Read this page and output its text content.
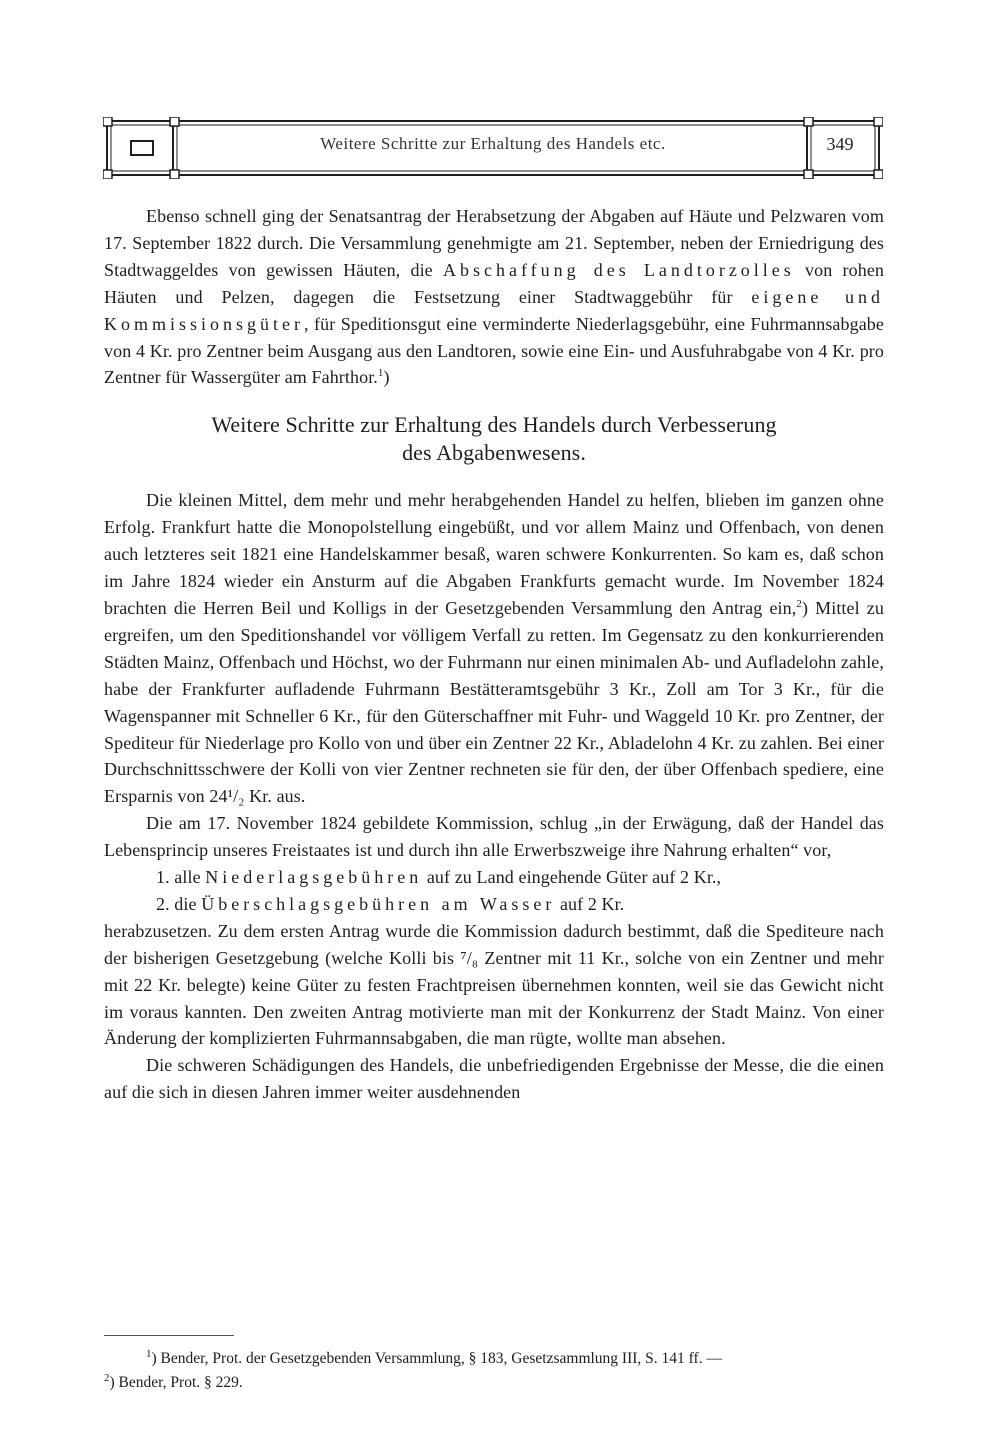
Weitere Schritte zur Erhaltung des Handels etc.	349

Ebenso schnell ging der Senatsantrag der Herabsetzung der Abgaben auf Häute und Pelzwaren vom 17. September 1822 durch. Die Versammlung genehmigte am 21. September, neben der Erniedrigung des Stadtwaggeldes von gewissen Häuten, die Abschaffung des Landtorzolles von rohen Häuten und Pelzen, dagegen die Festsetzung einer Stadtwaggebühr für eigene und Kommissionsgüter, für Speditionsgut eine verminderte Niederlagsgebühr, eine Fuhrmannsabgabe von 4 Kr. pro Zentner beim Ausgang aus den Landtoren, sowie eine Ein- und Ausfuhrabgabe von 4 Kr. pro Zentner für Wassergüter am Fahrthor.$^1$)

Weitere Schritte zur Erhaltung des Handels durch Verbesserung
des Abgabenwesens.

Die kleinen Mittel, dem mehr und mehr herabgehenden Handel zu helfen, blieben im ganzen ohne Erfolg. Frankfurt hatte die Monopolstellung eingebüßt, und vor allem Mainz und Offenbach, von denen auch letzteres seit 1821 eine Handelskammer besaß, waren schwere Konkurrenten. So kam es, daß schon im Jahre 1824 wieder ein Ansturm auf die Abgaben Frankfurts gemacht wurde. Im November 1824 brachten die Herren Beil und Kolligs in der Gesetzgebenden Versammlung den Antrag ein,$^2$) Mittel zu ergreifen, um den Speditionshandel vor völligem Verfall zu retten. Im Gegensatz zu den konkurrierenden Städten Mainz, Offenbach und Höchst, wo der Fuhrmann nur einen minimalen Ab- und Aufladelohn zahle, habe der Frankfurter aufladende Fuhrmann Bestätteramtsgebühr 3 Kr., Zoll am Tor 3 Kr., für die Wagenspanner mit Schneller 6 Kr., für den Güterschaffner mit Fuhr- und Waggeld 10 Kr. pro Zentner, der Spediteur für Niederlage pro Kollo von und über ein Zentner 22 Kr., Abladelohn 4 Kr. zu zahlen. Bei einer Durchschnittsschwere der Kolli von vier Zentner rechneten sie für den, der über Offenbach spediere, eine Ersparnis von 24¹/₂ Kr. aus.

Die am 17. November 1824 gebildete Kommission, schlug „in der Erwägung, daß der Handel das Lebensprincip unseres Freistaates ist und durch ihn alle Erwerbszweige ihre Nahrung erhalten“ vor,

1. alle Niederlagsgebühren auf zu Land eingehende Güter auf 2 Kr.,

2. die Überschlagsgebühren am Wasser auf 2 Kr.

herabzusetzen. Zu dem ersten Antrag wurde die Kommission dadurch bestimmt, daß die Spediteure nach der bisherigen Gesetzgebung (welche Kolli bis ⁷/₈ Zentner mit 11 Kr., solche von ein Zentner und mehr mit 22 Kr. belegte) keine Güter zu festen Frachtpreisen übernehmen konnten, weil sie das Gewicht nicht im voraus kannten. Den zweiten Antrag motivierte man mit der Konkurrenz der Stadt Mainz. Von einer Änderung der komplizierten Fuhrmannsabgaben, die man rügte, wollte man absehen.

Die schweren Schädigungen des Handels, die unbefriedigenden Ergebnisse der Messe, die die einen auf die sich in diesen Jahren immer weiter ausdehnenden

$^1$) Bender, Prot. der Gesetzgebenden Versammlung, § 183, Gesetzsammlung III, S. 141 ff. —
$^2$) Bender, Prot. § 229.
